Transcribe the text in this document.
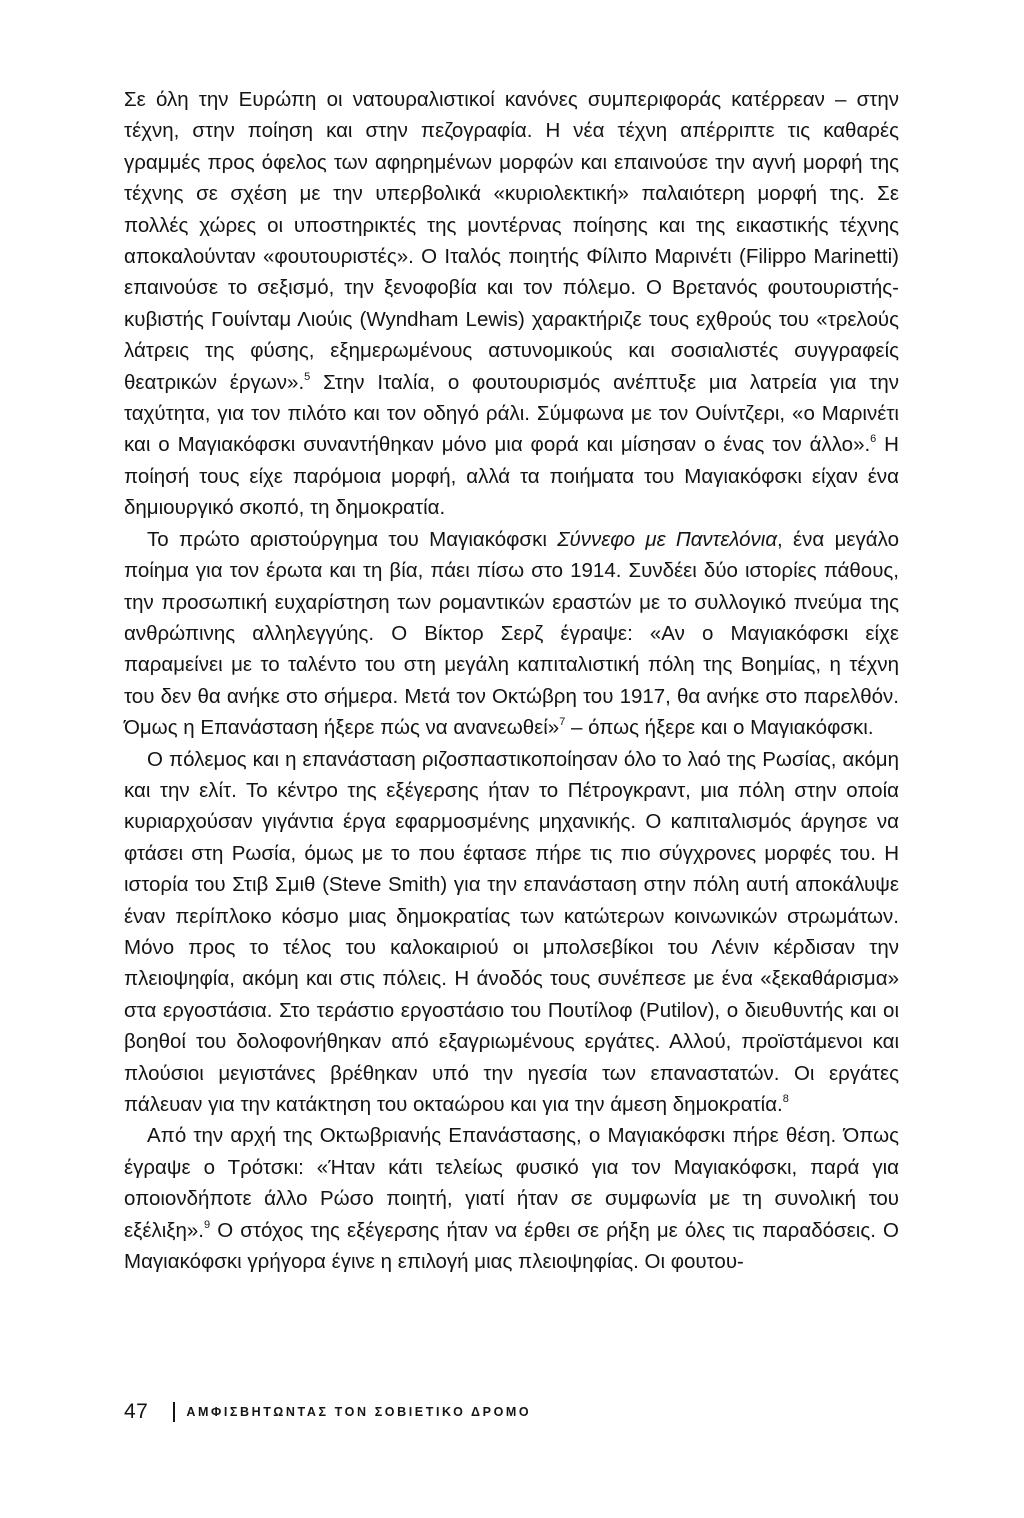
Σε όλη την Ευρώπη οι νατουραλιστικοί κανόνες συμπεριφοράς κατέρρεαν – στην τέχνη, στην ποίηση και στην πεζογραφία. Η νέα τέχνη απέρριπτε τις καθαρές γραμμές προς όφελος των αφηρημένων μορφών και επαινούσε την αγνή μορφή της τέχνης σε σχέση με την υπερβολικά «κυριολεκτική» παλαιότερη μορφή της. Σε πολλές χώρες οι υποστηρικτές της μοντέρνας ποίησης και της εικαστικής τέχνης αποκαλούνταν «φουτουριστές». Ο Ιταλός ποιητής Φίλιπο Μαρινέτι (Filippo Marinetti) επαινούσε το σεξισμό, την ξενοφοβία και τον πόλεμο. Ο Βρετανός φουτουριστής-κυβιστής Γουίνταμ Λιούις (Wyndham Lewis) χαρακτήριζε τους εχθρούς του «τρελούς λάτρεις της φύσης, εξημερωμένους αστυνομικούς και σοσιαλιστές συγγραφείς θεατρικών έργων».$^5$ Στην Ιταλία, ο φουτουρισμός ανέπτυξε μια λατρεία για την ταχύτητα, για τον πιλότο και τον οδηγό ράλι. Σύμφωνα με τον Ουίντζερι, «ο Μαρινέτι και ο Μαγιακόφσκι συναντήθηκαν μόνο μια φορά και μίσησαν ο ένας τον άλλο».$^6$ Η ποίησή τους είχε παρόμοια μορφή, αλλά τα ποιήματα του Μαγιακόφσκι είχαν ένα δημιουργικό σκοπό, τη δημοκρατία.

Το πρώτο αριστούργημα του Μαγιακόφσκι Σύννεφο με Παντελόνια, ένα μεγάλο ποίημα για τον έρωτα και τη βία, πάει πίσω στο 1914. Συνδέει δύο ιστορίες πάθους, την προσωπική ευχαρίστηση των ρομαντικών εραστών με το συλλογικό πνεύμα της ανθρώπινης αλληλεγγύης. Ο Βίκτορ Σερζ έγραψε: «Αν ο Μαγιακόφσκι είχε παραμείνει με το ταλέντο του στη μεγάλη καπιταλιστική πόλη της Βοημίας, η τέχνη του δεν θα ανήκε στο σήμερα. Μετά τον Οκτώβρη του 1917, θα ανήκε στο παρελθόν. Όμως η Επανάσταση ήξερε πώς να ανανεωθεί»$^7$ – όπως ήξερε και ο Μαγιακόφσκι.

Ο πόλεμος και η επανάσταση ριζοσπαστικοποίησαν όλο το λαό της Ρωσίας, ακόμη και την ελίτ. Το κέντρο της εξέγερσης ήταν το Πέτρογκραντ, μια πόλη στην οποία κυριαρχούσαν γιγάντια έργα εφαρμοσμένης μηχανικής. Ο καπιταλισμός άργησε να φτάσει στη Ρωσία, όμως με το που έφτασε πήρε τις πιο σύγχρονες μορφές του. Η ιστορία του Στιβ Σμιθ (Steve Smith) για την επανάσταση στην πόλη αυτή αποκάλυψε έναν περίπλοκο κόσμο μιας δημοκρατίας των κατώτερων κοινωνικών στρωμάτων. Μόνο προς το τέλος του καλοκαιριού οι μπολσεβίκοι του Λένιν κέρδισαν την πλειοψηφία, ακόμη και στις πόλεις. Η άνοδός τους συνέπεσε με ένα «ξεκαθάρισμα» στα εργοστάσια. Στο τεράστιο εργοστάσιο του Πουτίλοφ (Putilov), ο διευθυντής και οι βοηθοί του δολοφονήθηκαν από εξαγριωμένους εργάτες. Αλλού, προϊστάμενοι και πλούσιοι μεγιστάνες βρέθηκαν υπό την ηγεσία των επαναστατών. Οι εργάτες πάλευαν για την κατάκτηση του οκταώρου και για την άμεση δημοκρατία.$^8$

Από την αρχή της Οκτωβριανής Επανάστασης, ο Μαγιακόφσκι πήρε θέση. Όπως έγραψε ο Τρότσκι: «Ήταν κάτι τελείως φυσικό για τον Μαγιακόφσκι, παρά για οποιονδήποτε άλλο Ρώσο ποιητή, γιατί ήταν σε συμφωνία με τη συνολική του εξέλιξη».$^9$ Ο στόχος της εξέγερσης ήταν να έρθει σε ρήξη με όλες τις παραδόσεις. Ο Μαγιακόφσκι γρήγορα έγινε η επιλογή μιας πλειοψηφίας. Οι φουτου-

47	ΑΜΦΙΣΒΗΤΩΝΤΑΣ ΤΟΝ ΣΟΒΙΕΤΙΚΟ ΔΡΟΜΟ
